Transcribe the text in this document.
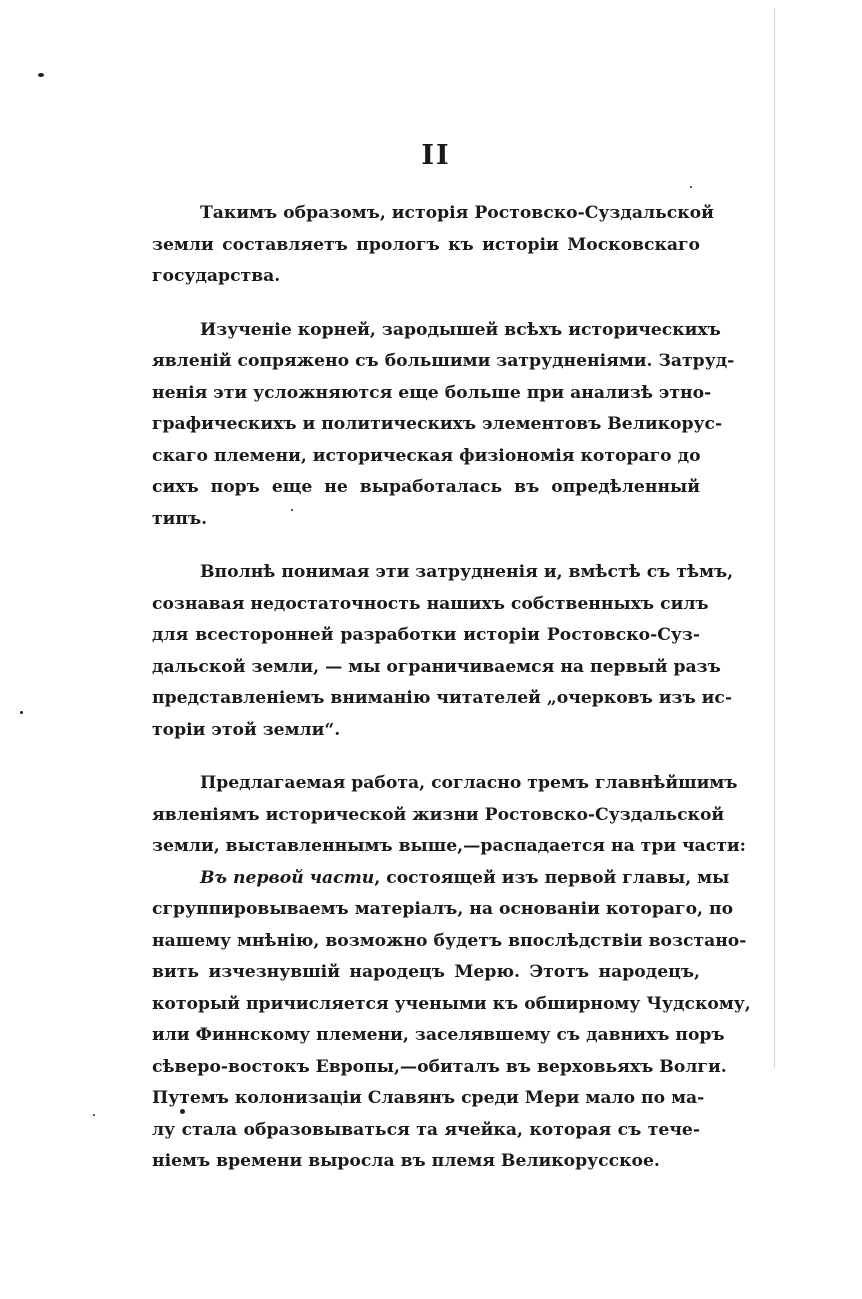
II

Такимъ образомъ, исторія Ростовско-Суздальской
земли составляетъ прологъ къ исторіи Московскаго
государства.

Изученіе корней, зародышей всѣхъ историческихъ
явленій сопряжено съ большими затрудненіями. Затруд-
ненія эти усложняются еще больше при анализѣ этно-
графическихъ и политическихъ элементовъ Великорус-
скаго племени, историческая физіономія котораго до
сихъ поръ еще не выработалась въ опредѣленный
типъ.

Вполнѣ понимая эти затрудненія и, вмѣстѣ съ тѣмъ,
сознавая недостаточность нашихъ собственныхъ силъ
для всесторонней разработки исторіи Ростовско-Суз-
дальской земли, — мы ограничиваемся на первый разъ
представленіемъ вниманію читателей „очерковъ изъ ис-
торіи этой земли“.

Предлагаемая работа, согласно тремъ главнѣйшимъ
явленіямъ исторической жизни Ростовско-Суздальской
земли, выставленнымъ выше,—распадается на три части:

Въ первой части, состоящей изъ первой главы, мы
сгруппировываемъ матеріалъ, на основаніи котораго, по
нашему мнѣнію, возможно будетъ впослѣдствіи возстано-
вить изчезнувшій народецъ Мерю. Этотъ народецъ,
который причисляется учеными къ обширному Чудскому,
или Финнскому племени, заселявшему съ давнихъ поръ
сѣверо-востокъ Европы,—обиталъ въ верховьяхъ Волги.
Путемъ колонизаціи Славянъ среди Мери мало по ма-
лу стала образовываться та ячейка, которая съ тече-
ніемъ времени выросла въ племя Великорусское.
